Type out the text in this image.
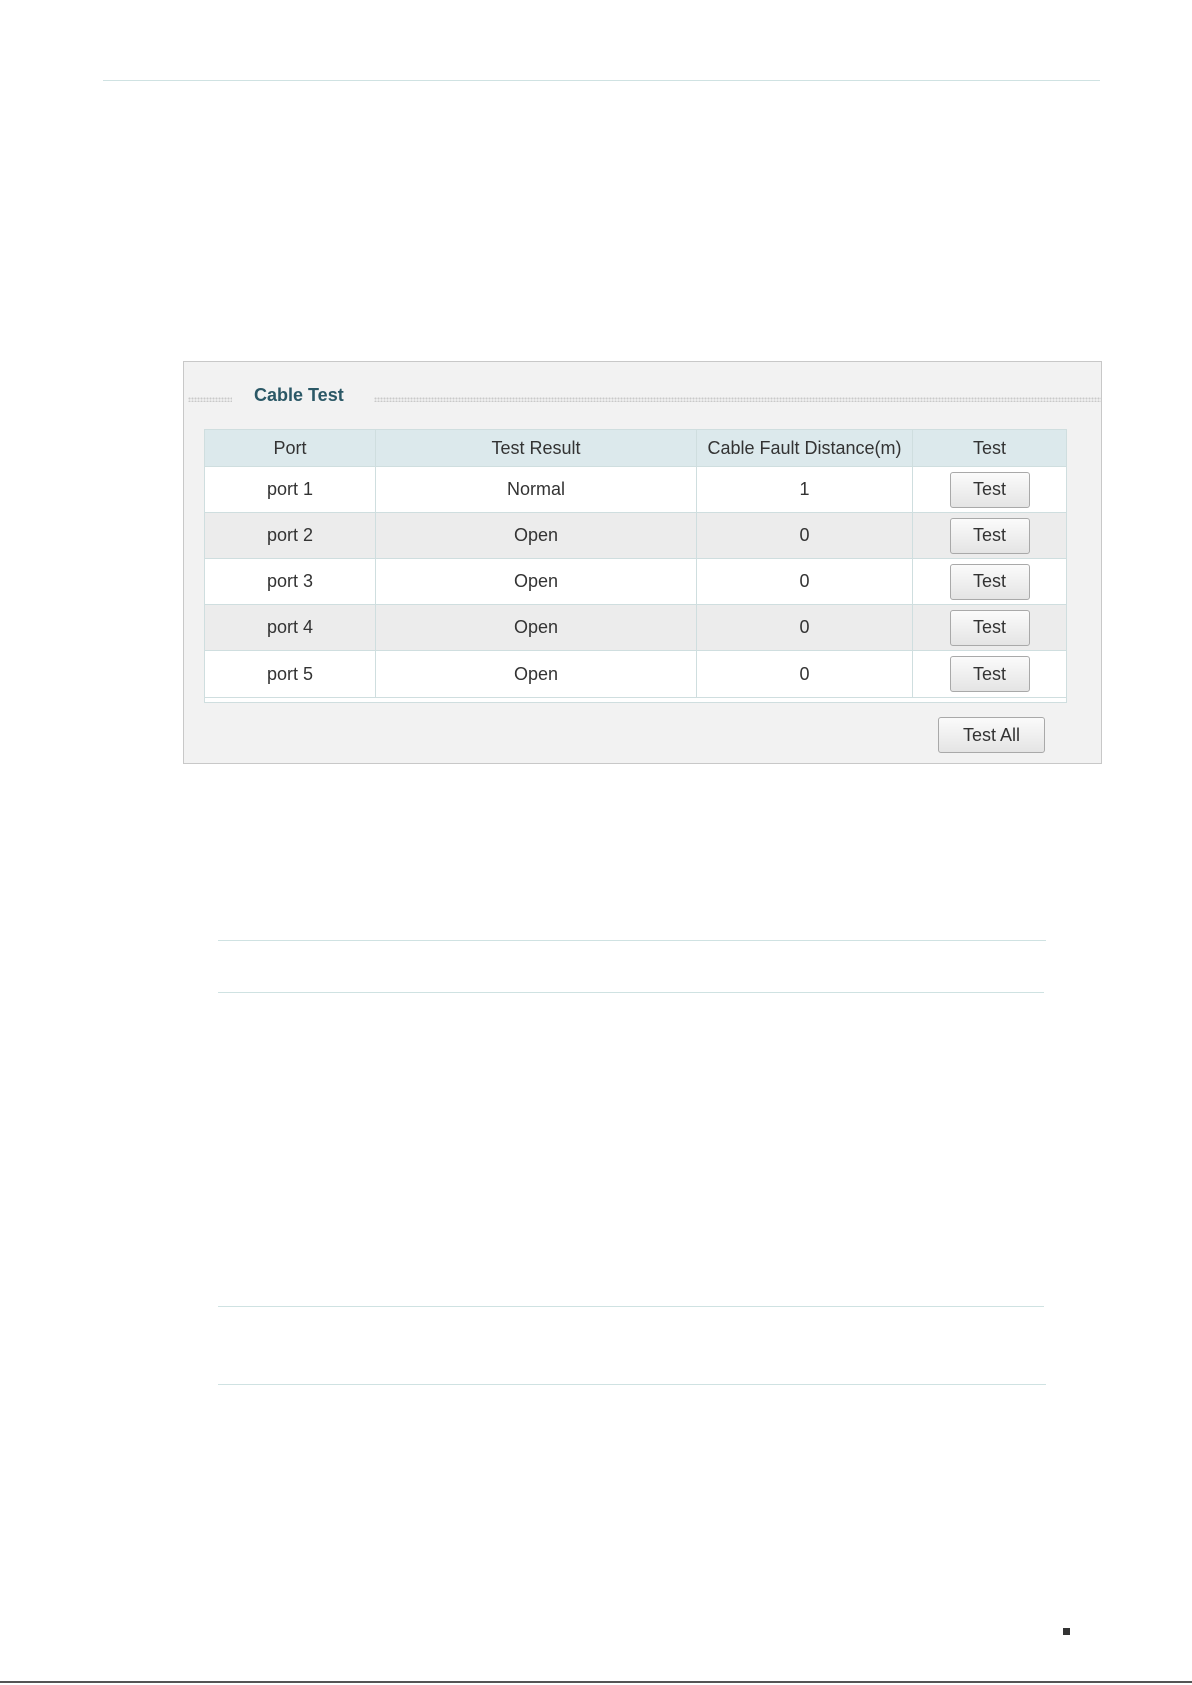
Cable Test
Port	Test Result	Cable Fault Distance(m)	Test
port 1	Normal	1	Test
port 2	Open	0	Test
port 3	Open	0	Test
port 4	Open	0	Test
port 5	Open	0	Test

Test All
